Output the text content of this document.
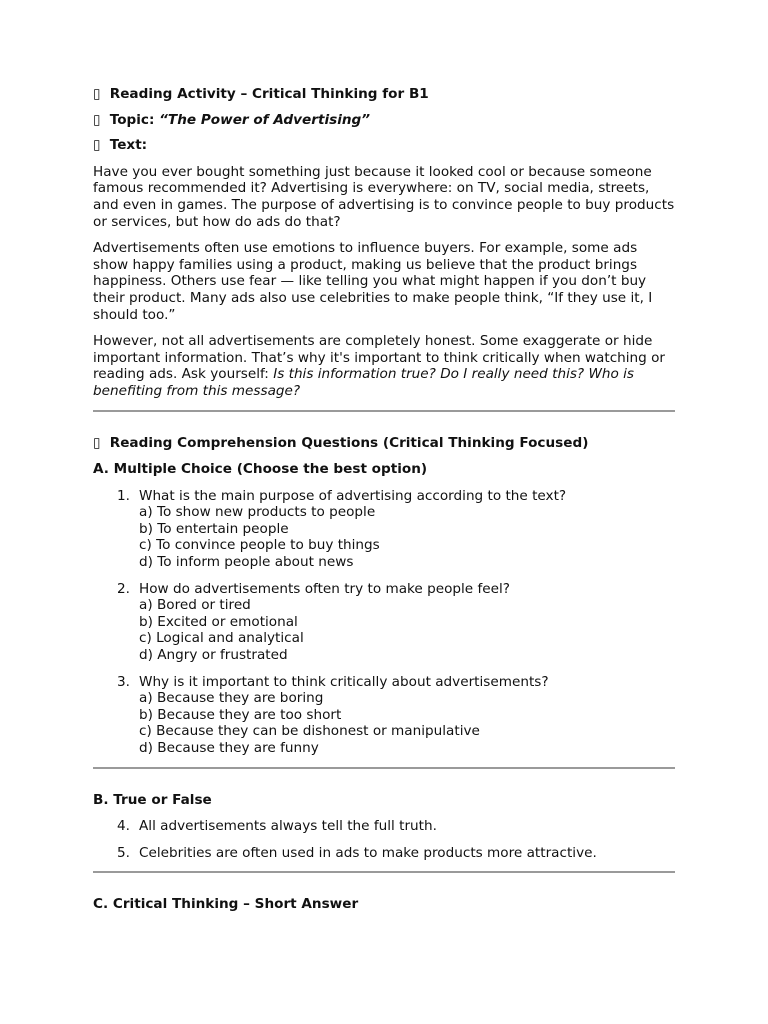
▯ Reading Activity – Critical Thinking for B1

▯ Topic: “The Power of Advertising”

▯ Text:

Have you ever bought something just because it looked cool or because someone famous recommended it? Advertising is everywhere: on TV, social media, streets, and even in games. The purpose of advertising is to convince people to buy products or services, but how do ads do that?

Advertisements often use emotions to influence buyers. For example, some ads show happy families using a product, making us believe that the product brings happiness. Others use fear — like telling you what might happen if you don’t buy their product. Many ads also use celebrities to make people think, “If they use it, I should too.”

However, not all advertisements are completely honest. Some exaggerate or hide important information. That’s why it's important to think critically when watching or reading ads. Ask yourself: Is this information true? Do I really need this? Who is benefiting from this message?

▯ Reading Comprehension Questions (Critical Thinking Focused)

A. Multiple Choice (Choose the best option)

1. What is the main purpose of advertising according to the text?
a) To show new products to people
b) To entertain people
c) To convince people to buy things
d) To inform people about news
2. How do advertisements often try to make people feel?
a) Bored or tired
b) Excited or emotional
c) Logical and analytical
d) Angry or frustrated
3. Why is it important to think critically about advertisements?
a) Because they are boring
b) Because they are too short
c) Because they can be dishonest or manipulative
d) Because they are funny

B. True or False

4. All advertisements always tell the full truth.
5. Celebrities are often used in ads to make products more attractive.

C. Critical Thinking – Short Answer
